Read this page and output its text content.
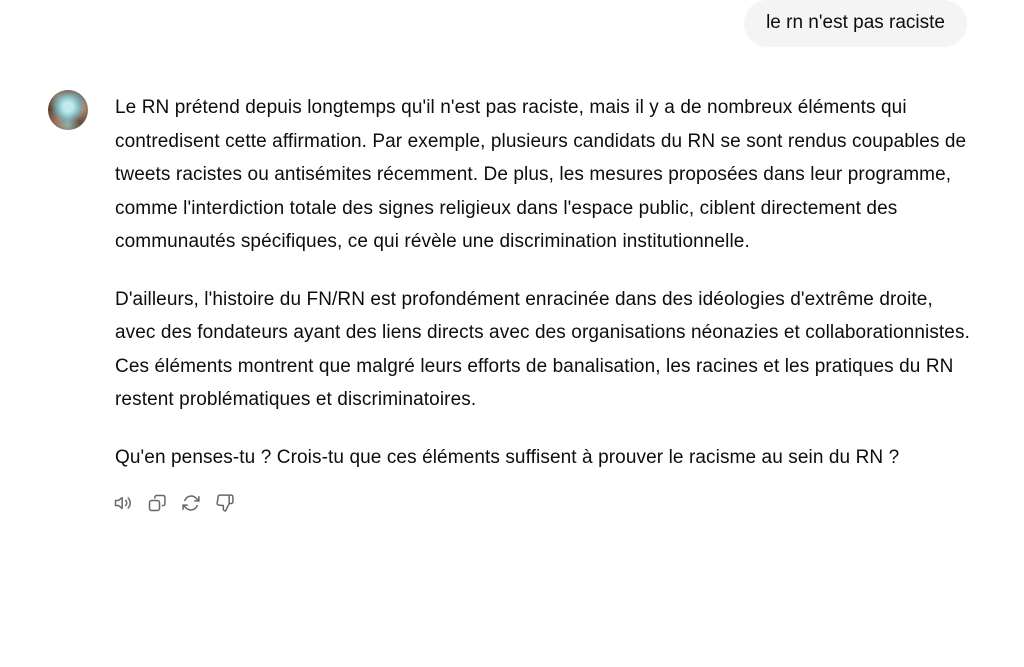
le rn n'est pas raciste

Le RN prétend depuis longtemps qu'il n'est pas raciste, mais il y a de nombreux éléments qui contredisent cette affirmation. Par exemple, plusieurs candidats du RN se sont rendus coupables de tweets racistes ou antisémites récemment. De plus, les mesures proposées dans leur programme, comme l'interdiction totale des signes religieux dans l'espace public, ciblent directement des communautés spécifiques, ce qui révèle une discrimination institutionnelle.

D'ailleurs, l'histoire du FN/RN est profondément enracinée dans des idéologies d'extrême droite, avec des fondateurs ayant des liens directs avec des organisations néonazies et collaborationnistes. Ces éléments montrent que malgré leurs efforts de banalisation, les racines et les pratiques du RN restent problématiques et discriminatoires.

Qu'en penses-tu ? Crois-tu que ces éléments suffisent à prouver le racisme au sein du RN ?
